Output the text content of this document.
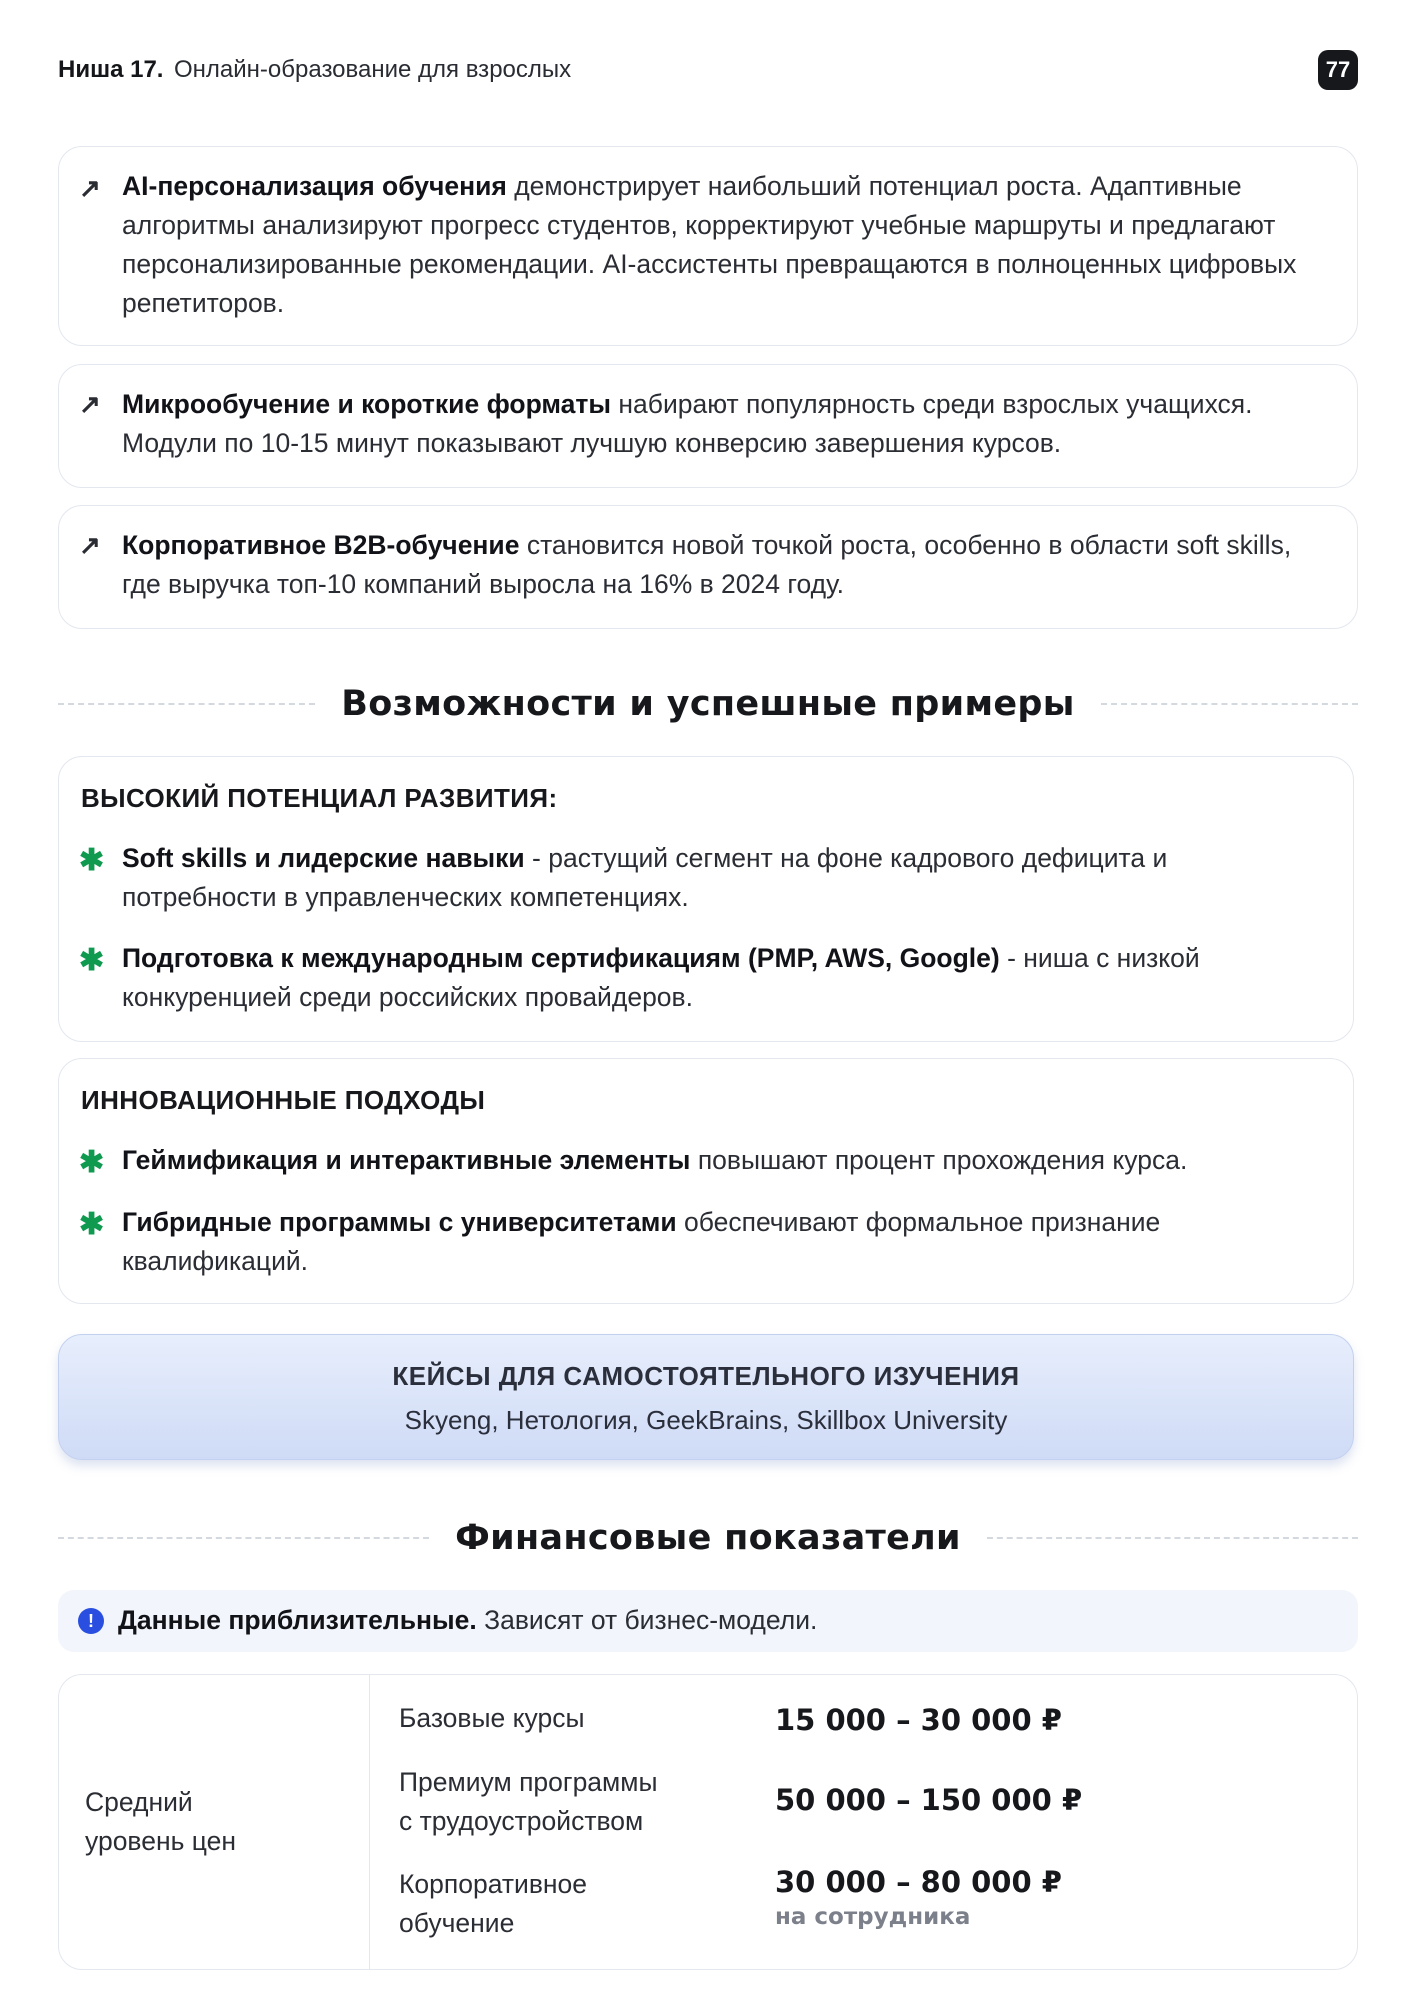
Ниша 17. Онлайн-образование для взрослых	77
↗ AI-персонализация обучения демонстрирует наибольший потенциал роста. Адаптивные алгоритмы анализируют прогресс студентов, корректируют учебные маршруты и предлагают персонализированные рекомендации. AI-ассистенты превращаются в полноценных цифровых репетиторов.

↗ Микрообучение и короткие форматы набирают популярность среди взрослых учащихся. Модули по 10-15 минут показывают лучшую конверсию завершения курсов.

↗ Корпоративное B2B-обучение становится новой точкой роста, особенно в области soft skills, где выручка топ-10 компаний выросла на 16% в 2024 году.

Возможности и успешные примеры
ВЫСОКИЙ ПОТЕНЦИАЛ РАЗВИТИЯ:
✱ Soft skills и лидерские навыки - растущий сегмент на фоне кадрового дефицита и потребности в управленческих компетенциях.

✱ Подготовка к международным сертификациям (PMP, AWS, Google) - ниша с низкой конкуренцией среди российских провайдеров.

ИННОВАЦИОННЫЕ ПОДХОДЫ
✱ Геймификация и интерактивные элементы повышают процент прохождения курса.

✱ Гибридные программы с университетами обеспечивают формальное признание квалификаций.

КЕЙСЫ ДЛЯ САМОСТОЯТЕЛЬНОГО ИЗУЧЕНИЯ
Skyeng, Нетология, GeekBrains, Skillbox University
Финансовые показатели
! Данные приблизительные. Зависят от бизнес-модели.
Средний
уровень цен
Базовые курсы	15 000 – 30 000 ₽
Премиум программы
с трудоустройством
50 000 – 150 000 ₽
Корпоративное
обучение
30 000 – 80 000 ₽
на сотрудника
